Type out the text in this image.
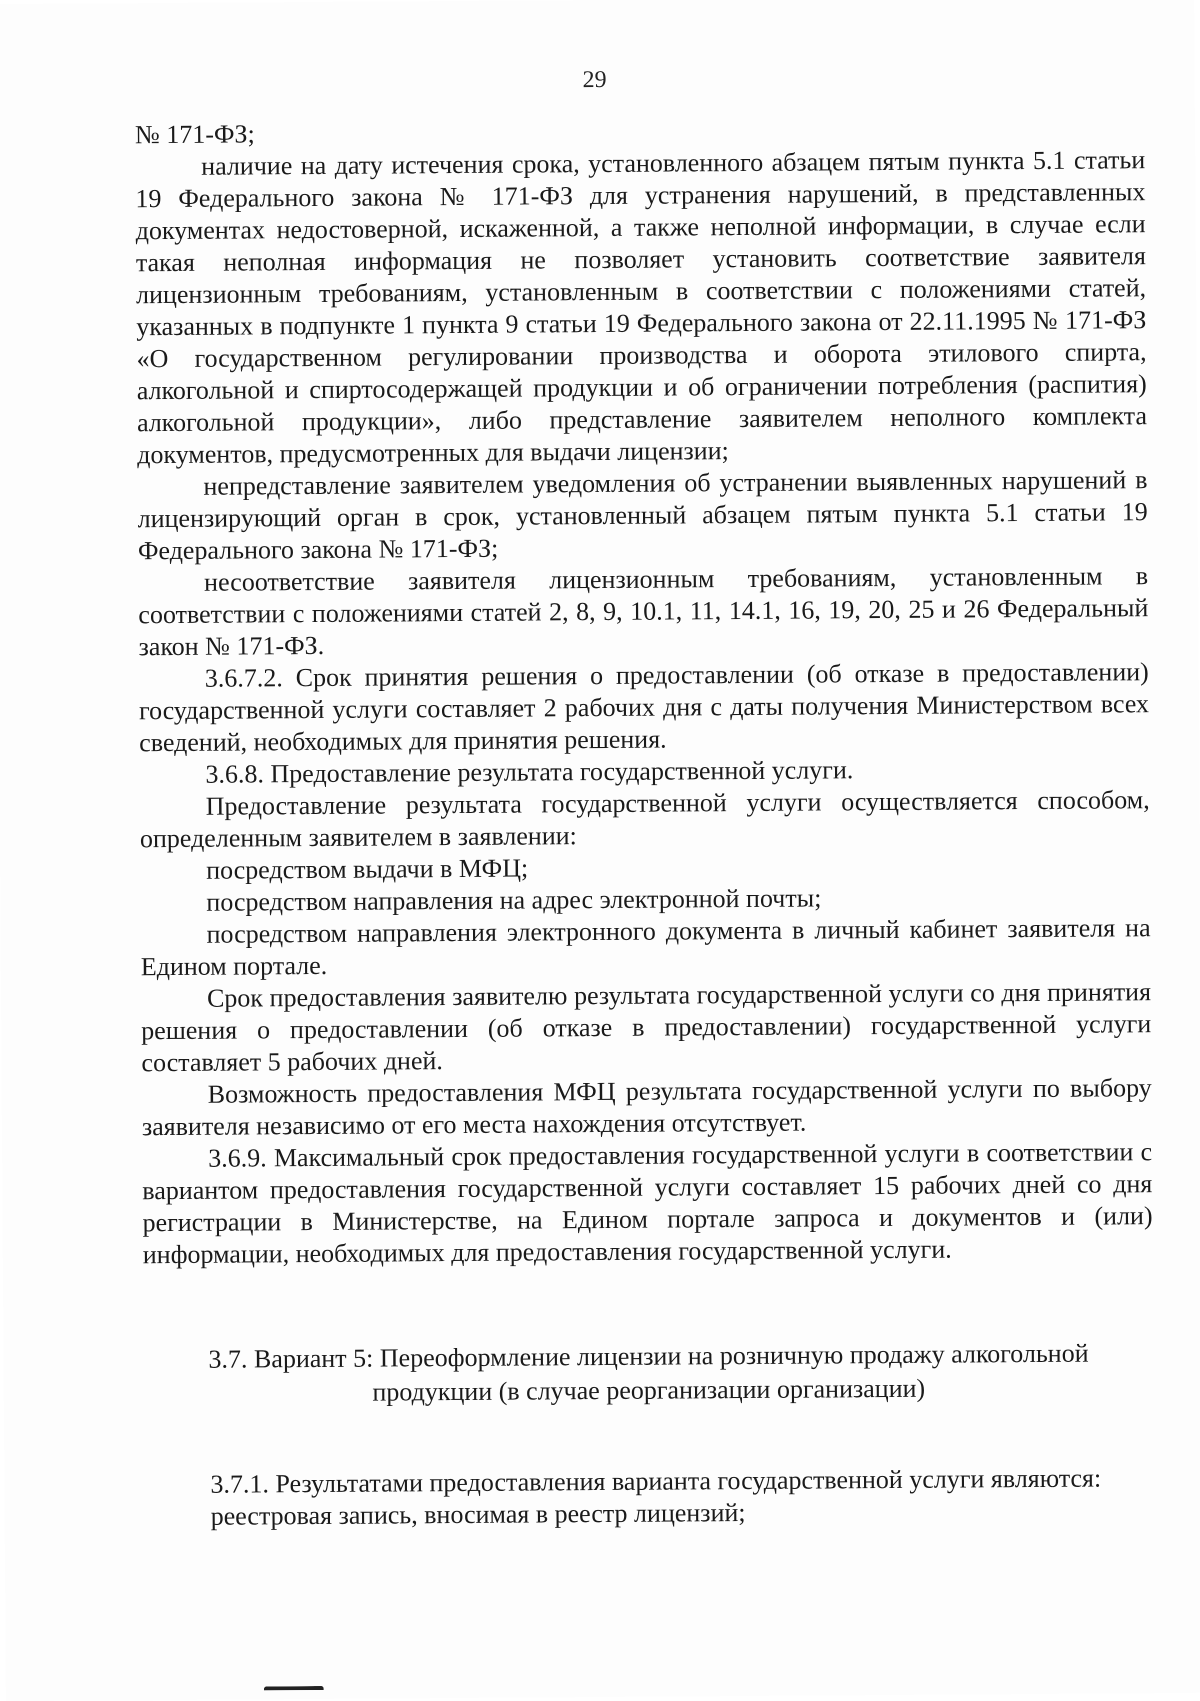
29

№ 171-ФЗ;

наличие на дату истечения срока, установленного абзацем пятым пункта 5.1 статьи 19 Федерального закона № 171-ФЗ для устранения нарушений, в представленных документах недостоверной, искаженной, а также неполной информации, в случае если такая неполная информация не позволяет установить соответствие заявителя лицензионным требованиям, установленным в соответствии с положениями статей, указанных в подпункте 1 пункта 9 статьи 19 Федерального закона от 22.11.1995 № 171-ФЗ «О государственном регулировании производства и оборота этилового спирта, алкогольной и спиртосодержащей продукции и об ограничении потребления (распития) алкогольной продукции», либо представление заявителем неполного комплекта документов, предусмотренных для выдачи лицензии;

непредставление заявителем уведомления об устранении выявленных нарушений в лицензирующий орган в срок, установленный абзацем пятым пункта 5.1 статьи 19 Федерального закона № 171-ФЗ;

несоответствие заявителя лицензионным требованиям, установленным в соответствии с положениями статей 2, 8, 9, 10.1, 11, 14.1, 16, 19, 20, 25 и 26 Федеральный закон № 171-ФЗ.

3.6.7.2. Срок принятия решения о предоставлении (об отказе в предоставлении) государственной услуги составляет 2 рабочих дня с даты получения Министерством всех сведений, необходимых для принятия решения.

3.6.8. Предоставление результата государственной услуги.

Предоставление результата государственной услуги осуществляется способом, определенным заявителем в заявлении:

посредством выдачи в МФЦ;

посредством направления на адрес электронной почты;

посредством направления электронного документа в личный кабинет заявителя на Едином портале.

Срок предоставления заявителю результата государственной услуги со дня принятия решения о предоставлении (об отказе в предоставлении) государственной услуги составляет 5 рабочих дней.

Возможность предоставления МФЦ результата государственной услуги по выбору заявителя независимо от его места нахождения отсутствует.

3.6.9. Максимальный срок предоставления государственной услуги в соответствии с вариантом предоставления государственной услуги составляет 15 рабочих дней со дня регистрации в Министерстве, на Едином портале запроса и документов и (или) информации, необходимых для предоставления государственной услуги.

3.7. Вариант 5: Переоформление лицензии на розничную продажу алкогольной
продукции (в случае реорганизации организации)

3.7.1. Результатами предоставления варианта государственной услуги являются:

реестровая запись, вносимая в реестр лицензий;
